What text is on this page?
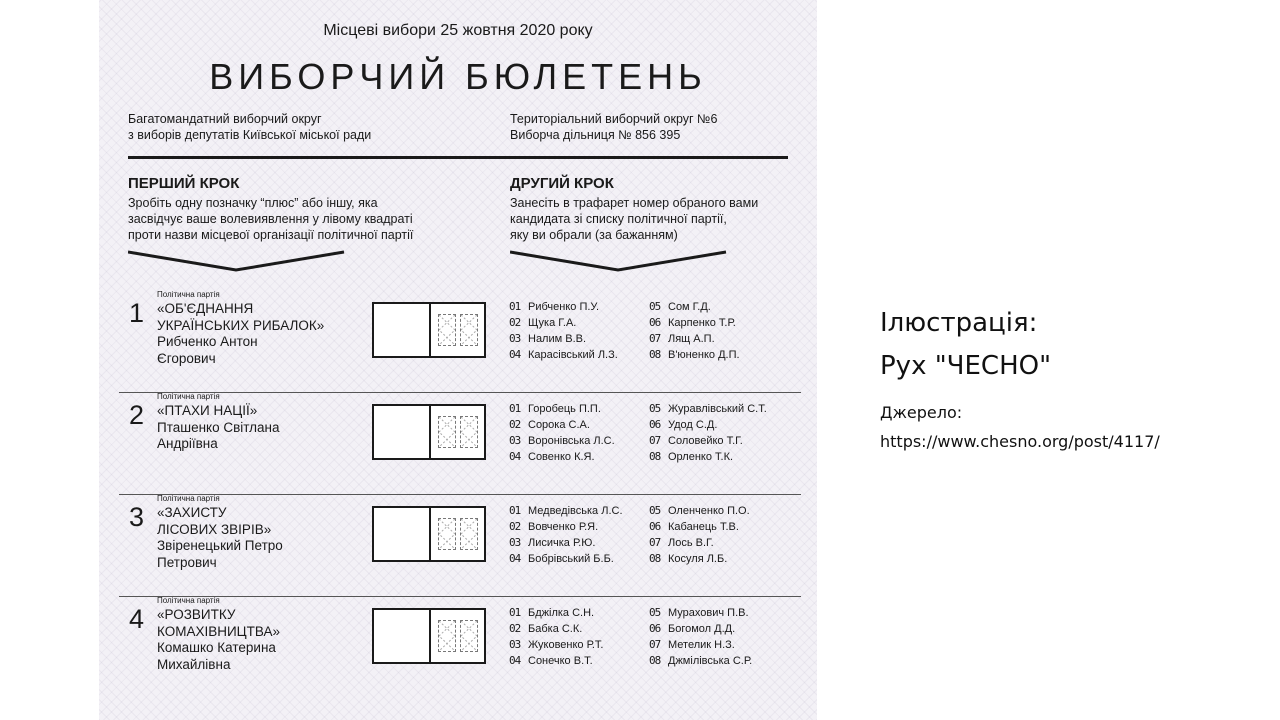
Місцеві вибори 25 жовтня 2020 року
ВИБОРЧИЙ БЮЛЕТЕНЬ
Багатомандатний виборчий округ
з виборів депутатів Київської міської ради
Територіальний виборчий округ №6
Виборча дільниця № 856 395
ПЕРШИЙ КРОК
Зробіть одну позначку “плюс” або іншу, яка
засвідчує ваше волевиявлення у лівому квадраті
проти назви місцевої організації політичної партії
ДРУГИЙ КРОК
Занесіть в трафарет номер обраного вами
кандидата зі списку політичної партії,
яку ви обрали (за бажанням)
1
Політична партія
«ОБ'ЄДНАННЯ
УКРАЇНСЬКИХ РИБАЛОК»
Рибченко Антон
Єгорович
01 Рибченко П.У.
02 Щука Г.А.
03 Налим В.В.
04 Карасівський Л.З.
05 Сом Г.Д.
06 Карпенко Т.Р.
07 Лящ А.П.
08 В'юненко Д.П.
2
Політична партія
«ПТАХИ НАЦІЇ»
Пташенко Світлана
Андріївна
01 Горобець П.П.
02 Сорока С.А.
03 Воронівська Л.С.
04 Совенко К.Я.
05 Журавлівський С.Т.
06 Удод С.Д.
07 Соловейко Т.Г.
08 Орленко Т.К.
3
Політична партія
«ЗАХИСТУ
ЛІСОВИХ ЗВІРІВ»
Звіренецький Петро
Петрович
01 Медведівська Л.С.
02 Вовченко Р.Я.
03 Лисичка Р.Ю.
04 Бобрівський Б.Б.
05 Оленченко П.О.
06 Кабанець Т.В.
07 Лось В.Г.
08 Косуля Л.Б.
4
Політична партія
«РОЗВИТКУ
КОМАХІВНИЦТВА»
Комашко Катерина
Михайлівна
01 Бджілка С.Н.
02 Бабка С.К.
03 Жуковенко Р.Т.
04 Сонечко В.Т.
05 Мурахович П.В.
06 Богомол Д.Д.
07 Метелик Н.З.
08 Джмілівська С.Р.
Ілюстрація:
Рух "ЧЕСНО"
Джерело:
https://www.chesno.org/post/4117/
